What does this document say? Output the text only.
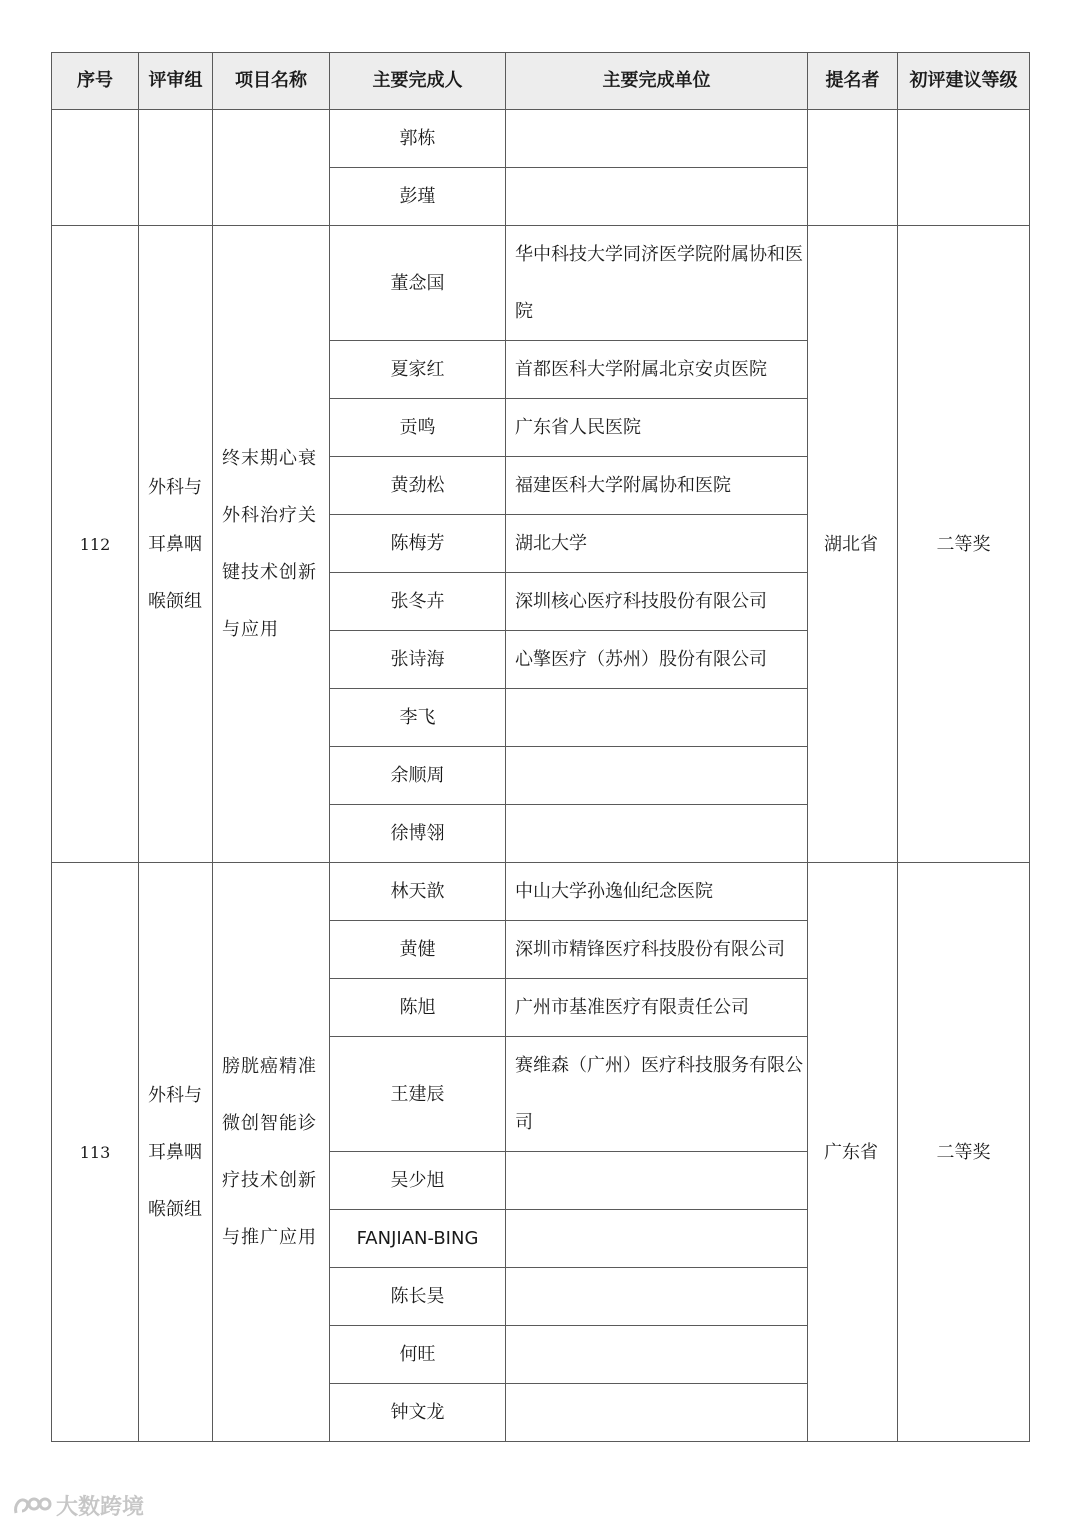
序号	评审组	项目名称	主要完成人	主要完成单位	提名者	初评建议等级
			郭栋			
			彭瑾			
112	外科与耳鼻咽喉颌组	终末期心衰外科治疗关键技术创新与应用	董念国	华中科技大学同济医学院附属协和医院	湖北省	二等奖
			夏家红	首都医科大学附属北京安贞医院		
			贡鸣	广东省人民医院		
			黄劲松	福建医科大学附属协和医院		
			陈梅芳	湖北大学		
			张冬卉	深圳核心医疗科技股份有限公司		
			张诗海	心擎医疗（苏州）股份有限公司		
			李飞			
			余顺周			
			徐博翎			
113	外科与耳鼻咽喉颌组	膀胱癌精准微创智能诊疗技术创新与推广应用	林天歆	中山大学孙逸仙纪念医院	广东省	二等奖
			黄健	深圳市精锋医疗科技股份有限公司		
			陈旭	广州市基准医疗有限责任公司		
			王建辰	赛维森（广州）医疗科技服务有限公司		
			吴少旭			
			FANJIAN-BING			
			陈长昊			
			何旺			
			钟文龙			
大数跨境
